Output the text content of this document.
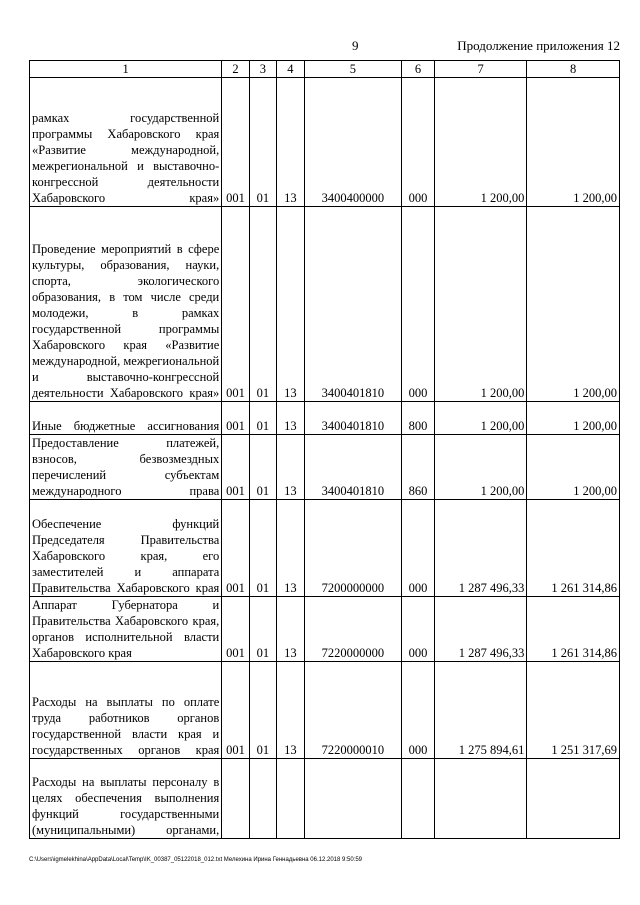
9	Продолжение приложения 12
1	2	3	4	5	6	7	8
рамках государственной программы Хабаровского края «Развитие международной, межрегиональной и выставочно-конгрессной деятельности Хабаровского края»	001	01	13	3400400000	000	1 200,00	1 200,00
Проведение мероприятий в сфере культуры, образования, науки, спорта, экологического образования, в том числе среди молодежи, в рамках государственной программы Хабаровского края «Развитие международной, межрегиональной и выставочно-конгрессной деятельности Хабаровского края»	001	01	13	3400401810	000	1 200,00	1 200,00
Иные бюджетные ассигнования	001	01	13	3400401810	800	1 200,00	1 200,00
Предоставление платежей, взносов, безвозмездных перечислений субъектам международного права	001	01	13	3400401810	860	1 200,00	1 200,00
Обеспечение функций Председателя Правительства Хабаровского края, его заместителей и аппарата Правительства Хабаровского края	001	01	13	7200000000	000	1 287 496,33	1 261 314,86
Аппарат Губернатора и Правительства Хабаровского края, органов исполнительной власти Хабаровского края	001	01	13	7220000000	000	1 287 496,33	1 261 314,86
Расходы на выплаты по оплате труда работников органов государственной власти края и государственных органов края	001	01	13	7220000010	000	1 275 894,61	1 251 317,69
Расходы на выплаты персоналу в целях обеспечения выполнения функций государственными (муниципальными) органами,							
C:\Users\igmelekhina\AppData\Local\Temp\IK_00387_05122018_012.txt Мелехина Ирина Геннадьевна 06.12.2018 9:50:59
